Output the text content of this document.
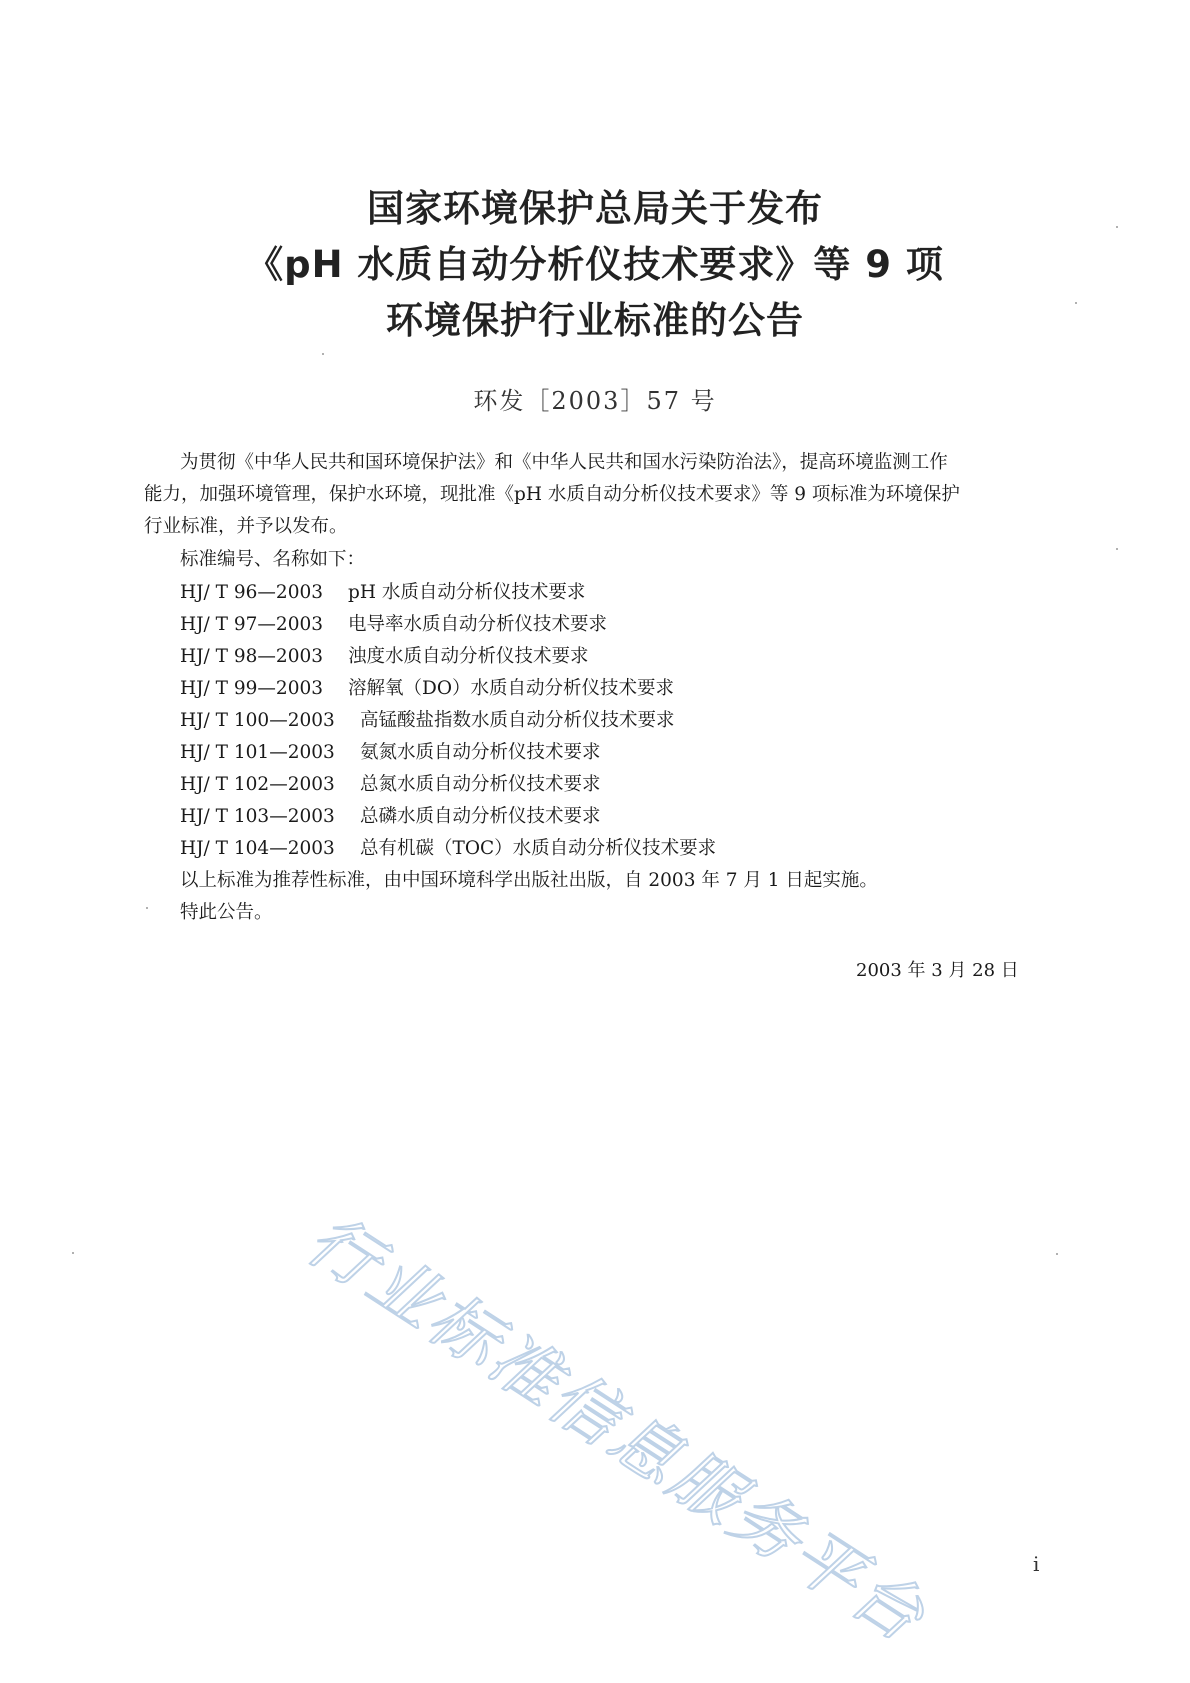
国家环境保护总局关于发布
《pH 水质自动分析仪技术要求》等 9 项
环境保护行业标准的公告
环发［2003］57 号
为贯彻《中华人民共和国环境保护法》和《中华人民共和国水污染防治法》，提高环境监测工作
能力，加强环境管理，保护水环境，现批准《pH 水质自动分析仪技术要求》等 9 项标准为环境保护
行业标准，并予以发布。
标准编号、名称如下：
HJ/ T 96—2003 pH 水质自动分析仪技术要求
HJ/ T 97—2003 电导率水质自动分析仪技术要求
HJ/ T 98—2003 浊度水质自动分析仪技术要求
HJ/ T 99—2003 溶解氧（DO）水质自动分析仪技术要求
HJ/ T 100—2003 高锰酸盐指数水质自动分析仪技术要求
HJ/ T 101—2003 氨氮水质自动分析仪技术要求
HJ/ T 102—2003 总氮水质自动分析仪技术要求
HJ/ T 103—2003 总磷水质自动分析仪技术要求
HJ/ T 104—2003 总有机碳（TOC）水质自动分析仪技术要求
以上标准为推荐性标准，由中国环境科学出版社出版，自 2003 年 7 月 1 日起实施。
特此公告。
2003 年 3 月 28 日
行业标准信息服务平台	i
